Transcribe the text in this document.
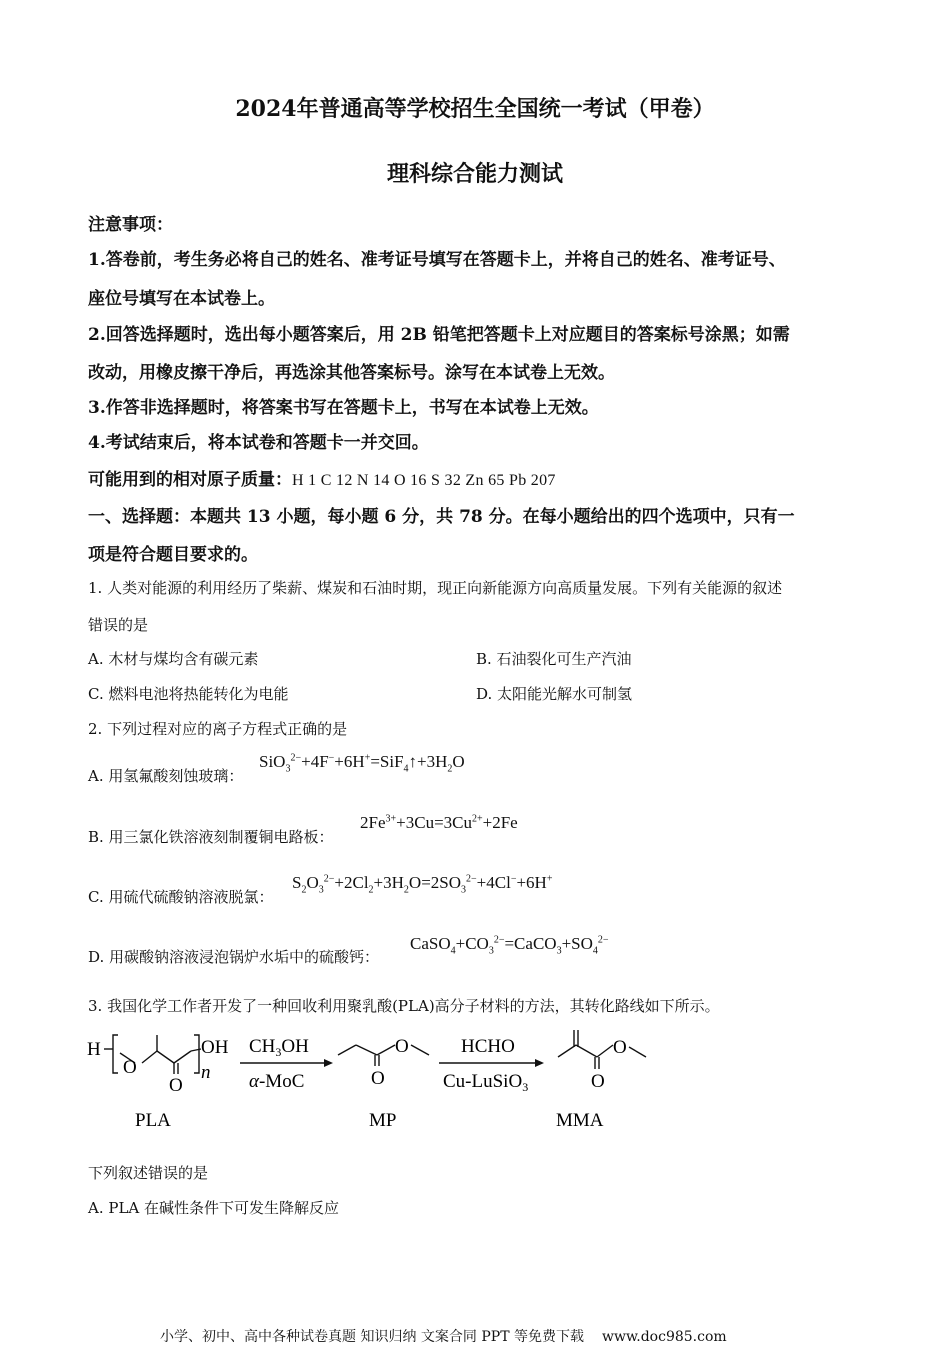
2024年普通高等学校招生全国统一考试（甲卷）
理科综合能力测试
注意事项：
1.答卷前，考生务必将自己的姓名、准考证号填写在答题卡上，并将自己的姓名、准考证号、
座位号填写在本试卷上。
2.回答选择题时，选出每小题答案后，用 2B 铅笔把答题卡上对应题目的答案标号涂黑；如需
改动，用橡皮擦干净后，再选涂其他答案标号。涂写在本试卷上无效。
3.作答非选择题时，将答案书写在答题卡上，书写在本试卷上无效。
4.考试结束后，将本试卷和答题卡一并交回。
可能用到的相对原子质量：H 1 C 12 N 14 O 16 S 32 Zn 65 Pb 207
一、选择题：本题共 13 小题，每小题 6 分，共 78 分。在每小题给出的四个选项中，只有一
项是符合题目要求的。
1. 人类对能源的利用经历了柴薪、煤炭和石油时期，现正向新能源方向高质量发展。下列有关能源的叙述
错误的是
A. 木材与煤均含有碳元素	B. 石油裂化可生产汽油
C. 燃料电池将热能转化为电能	D. 太阳能光解水可制氢
2. 下列过程对应的离子方程式正确的是
A. 用氢氟酸刻蚀玻璃：
$SiO_3^{2-}+4F^-+6H^+=SiF_4↑+3H_2O$
B. 用三氯化铁溶液刻制覆铜电路板：
$2Fe^{3+}+3Cu=3Cu^{2+}+2Fe$
C. 用硫代硫酸钠溶液脱氯：
$S_2O_3^{2-}+2Cl_2+3H_2O=2SO_3^{2-}+4Cl^-+6H^+$
D. 用碳酸钠溶液浸泡锅炉水垢中的硫酸钙：
$CaSO_4+CO_3^{2-}=CaCO_3+SO_4^{2-}$
3. 我国化学工作者开发了一种回收利用聚乳酸(PLA)高分子材料的方法，其转化路线如下所示。
H
O
O
OH
n
$CH_3OH$
α-MoC
O
O
HCHO
Cu-LuSiO$_3$
O
O
PLA	MP	MMA
下列叙述错误的是
A. PLA 在碱性条件下可发生降解反应
小学、初中、高中各种试卷真题 知识归纳 文案合同 PPT 等免费下载 www.doc985.com
